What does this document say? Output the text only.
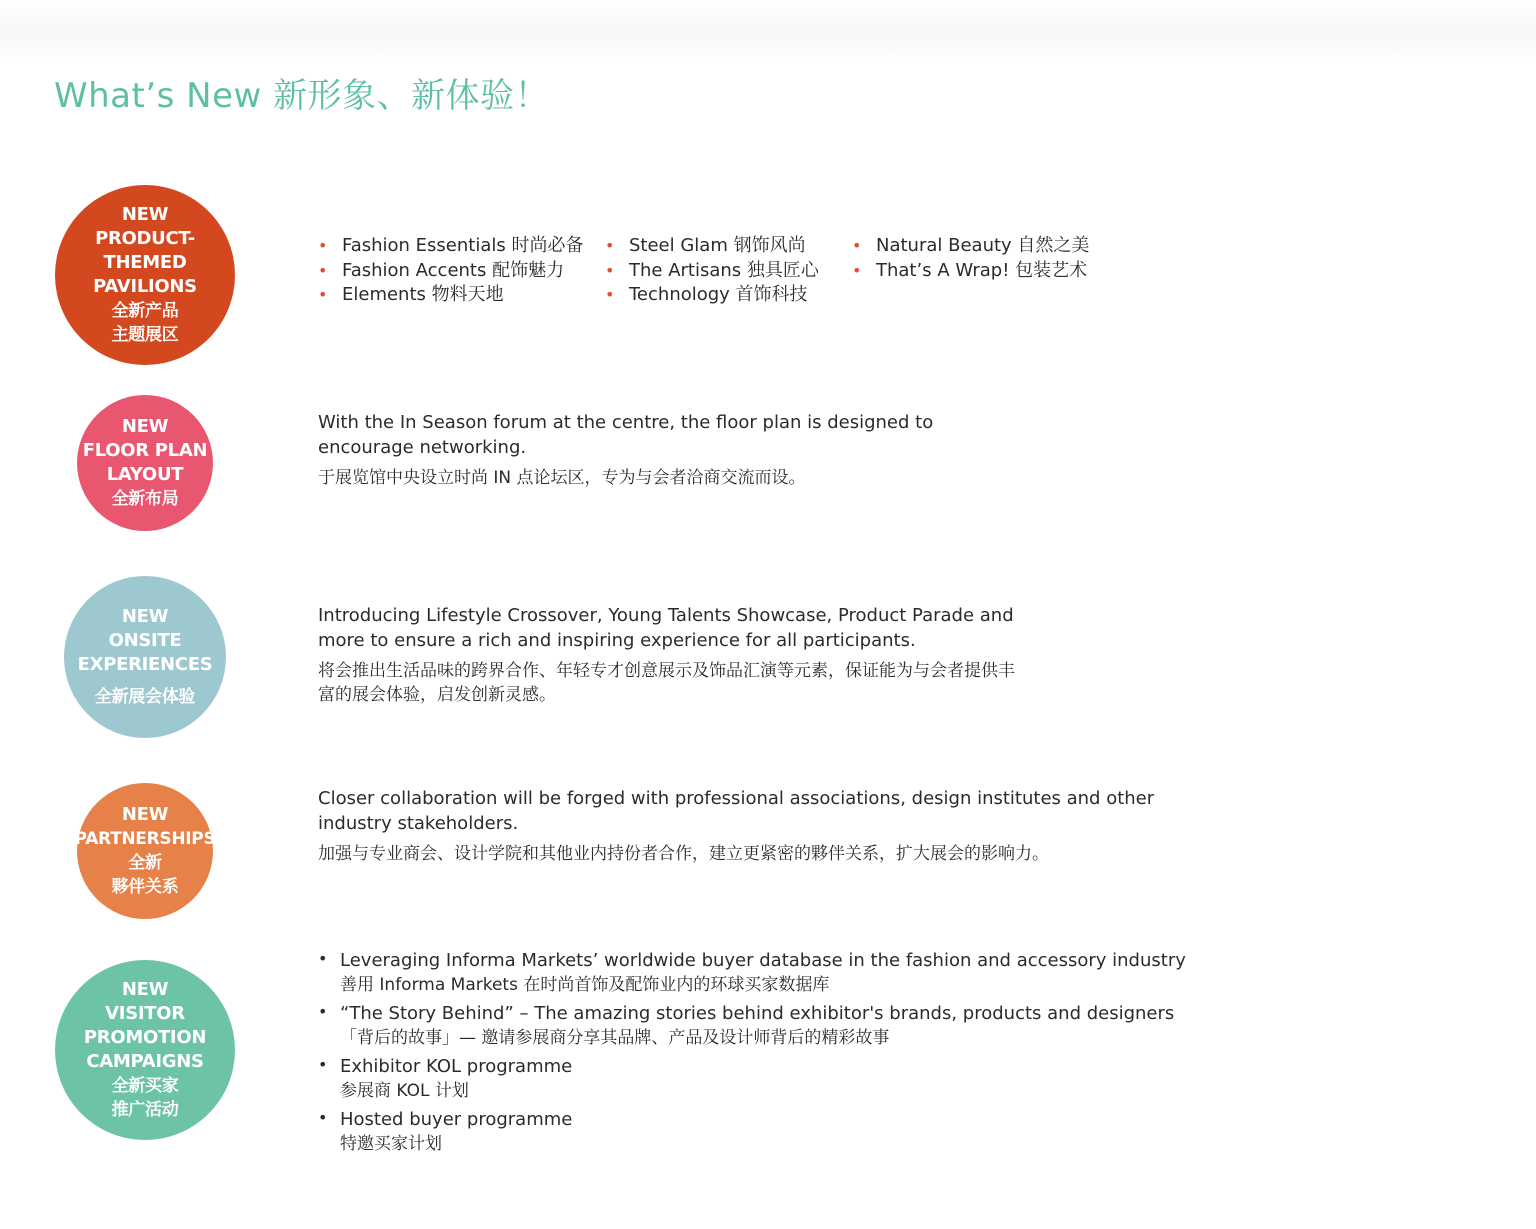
What’s New 新形象、新体验！
NEW
PRODUCT-
THEMED
PAVILIONS
全新产品
主题展区
• Fashion Essentials 时尚必备
• Fashion Accents 配饰魅力
• Elements 物料天地
• Steel Glam 钢饰风尚
• The Artisans 独具匠心
• Technology 首饰科技
• Natural Beauty 自然之美
• That’s A Wrap! 包装艺术
NEW
FLOOR PLAN
LAYOUT
全新布局

With the In Season forum at the centre, the floor plan is designed to encourage networking.

于展览馆中央设立时尚 IN 点论坛区，专为与会者洽商交流而设。

NEW
ONSITE
EXPERIENCES
全新展会体验

Introducing Lifestyle Crossover, Young Talents Showcase, Product Parade and more to ensure a rich and inspiring experience for all participants.

将会推出生活品味的跨界合作、年轻专才创意展示及饰品汇演等元素，保证能为与会者提供丰富的展会体验，启发创新灵感。

NEW
PARTNERSHIPS
全新
夥伴关系

Closer collaboration will be forged with professional associations, design institutes and other industry stakeholders.

加强与专业商会、设计学院和其他业内持份者合作，建立更紧密的夥伴关系，扩大展会的影响力。

NEW
VISITOR
PROMOTION
CAMPAIGNS
全新买家
推广活动

• Leveraging Informa Markets’ worldwide buyer database in the fashion and accessory industry

善用 Informa Markets 在时尚首饰及配饰业内的环球买家数据库

• “The Story Behind” – The amazing stories behind exhibitor's brands, products and designers

「背后的故事」— 邀请参展商分享其品牌、产品及设计师背后的精彩故事

• Exhibitor KOL programme

参展商 KOL 计划

• Hosted buyer programme

特邀买家计划
